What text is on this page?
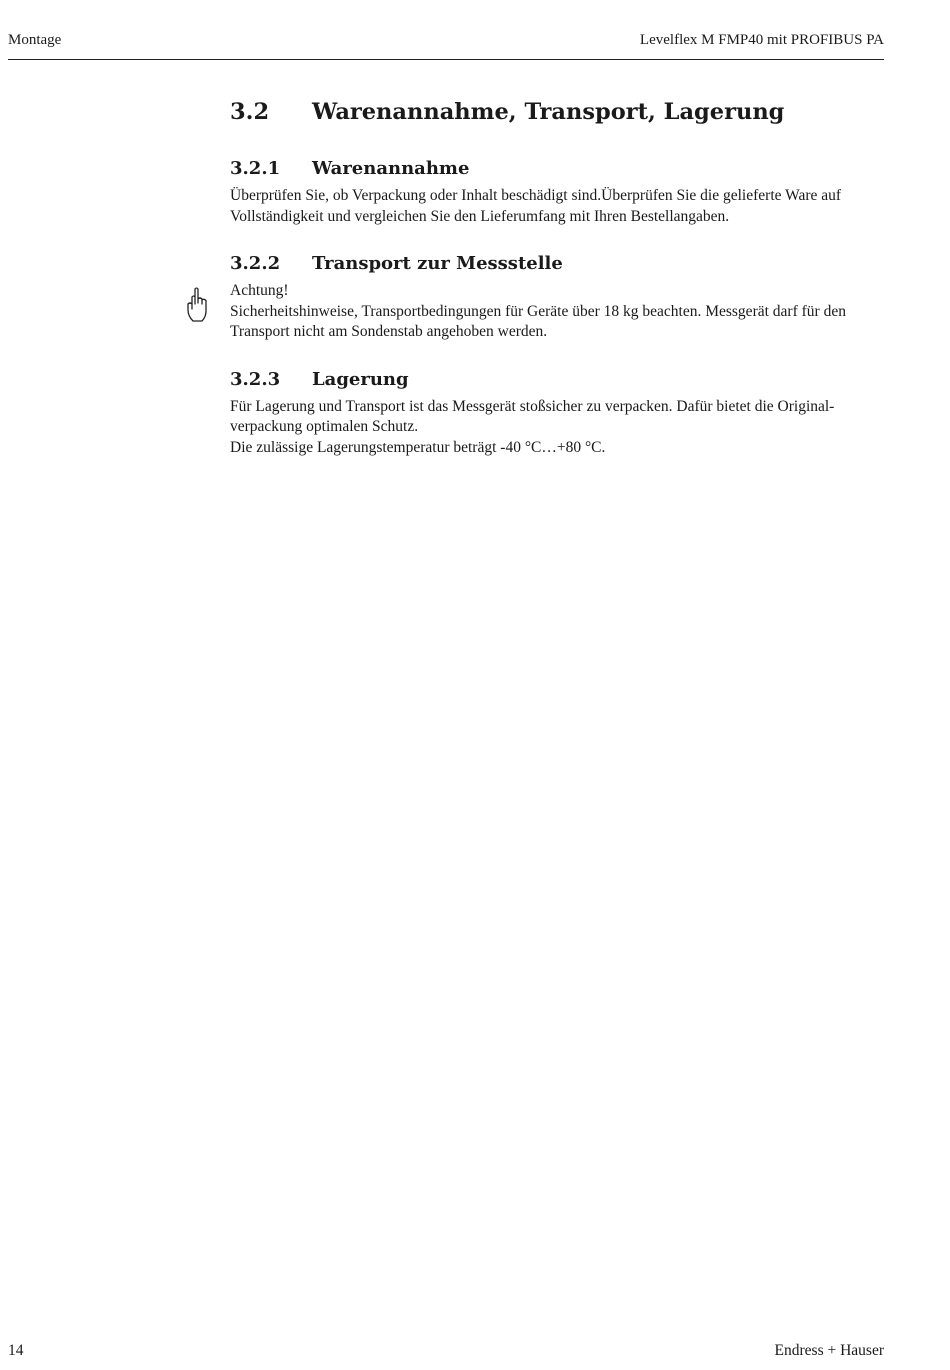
Montage	Levelflex M FMP40 mit PROFIBUS PA
3.2 Warenannahme, Transport, Lagerung
3.2.1 Warenannahme

Überprüfen Sie, ob Verpackung oder Inhalt beschädigt sind.Überprüfen Sie die gelieferte Ware auf

Vollständigkeit und vergleichen Sie den Lieferumfang mit Ihren Bestellangaben.

3.2.2 Transport zur Messstelle

Achtung!

Sicherheitshinweise, Transportbedingungen für Geräte über 18 kg beachten. Messgerät darf für den

Transport nicht am Sondenstab angehoben werden.

3.2.3 Lagerung

Für Lagerung und Transport ist das Messgerät stoßsicher zu verpacken. Dafür bietet die Original-

verpackung optimalen Schutz.

Die zulässige Lagerungstemperatur beträgt -40 °C…+80 °C.

14	Endress + Hauser
